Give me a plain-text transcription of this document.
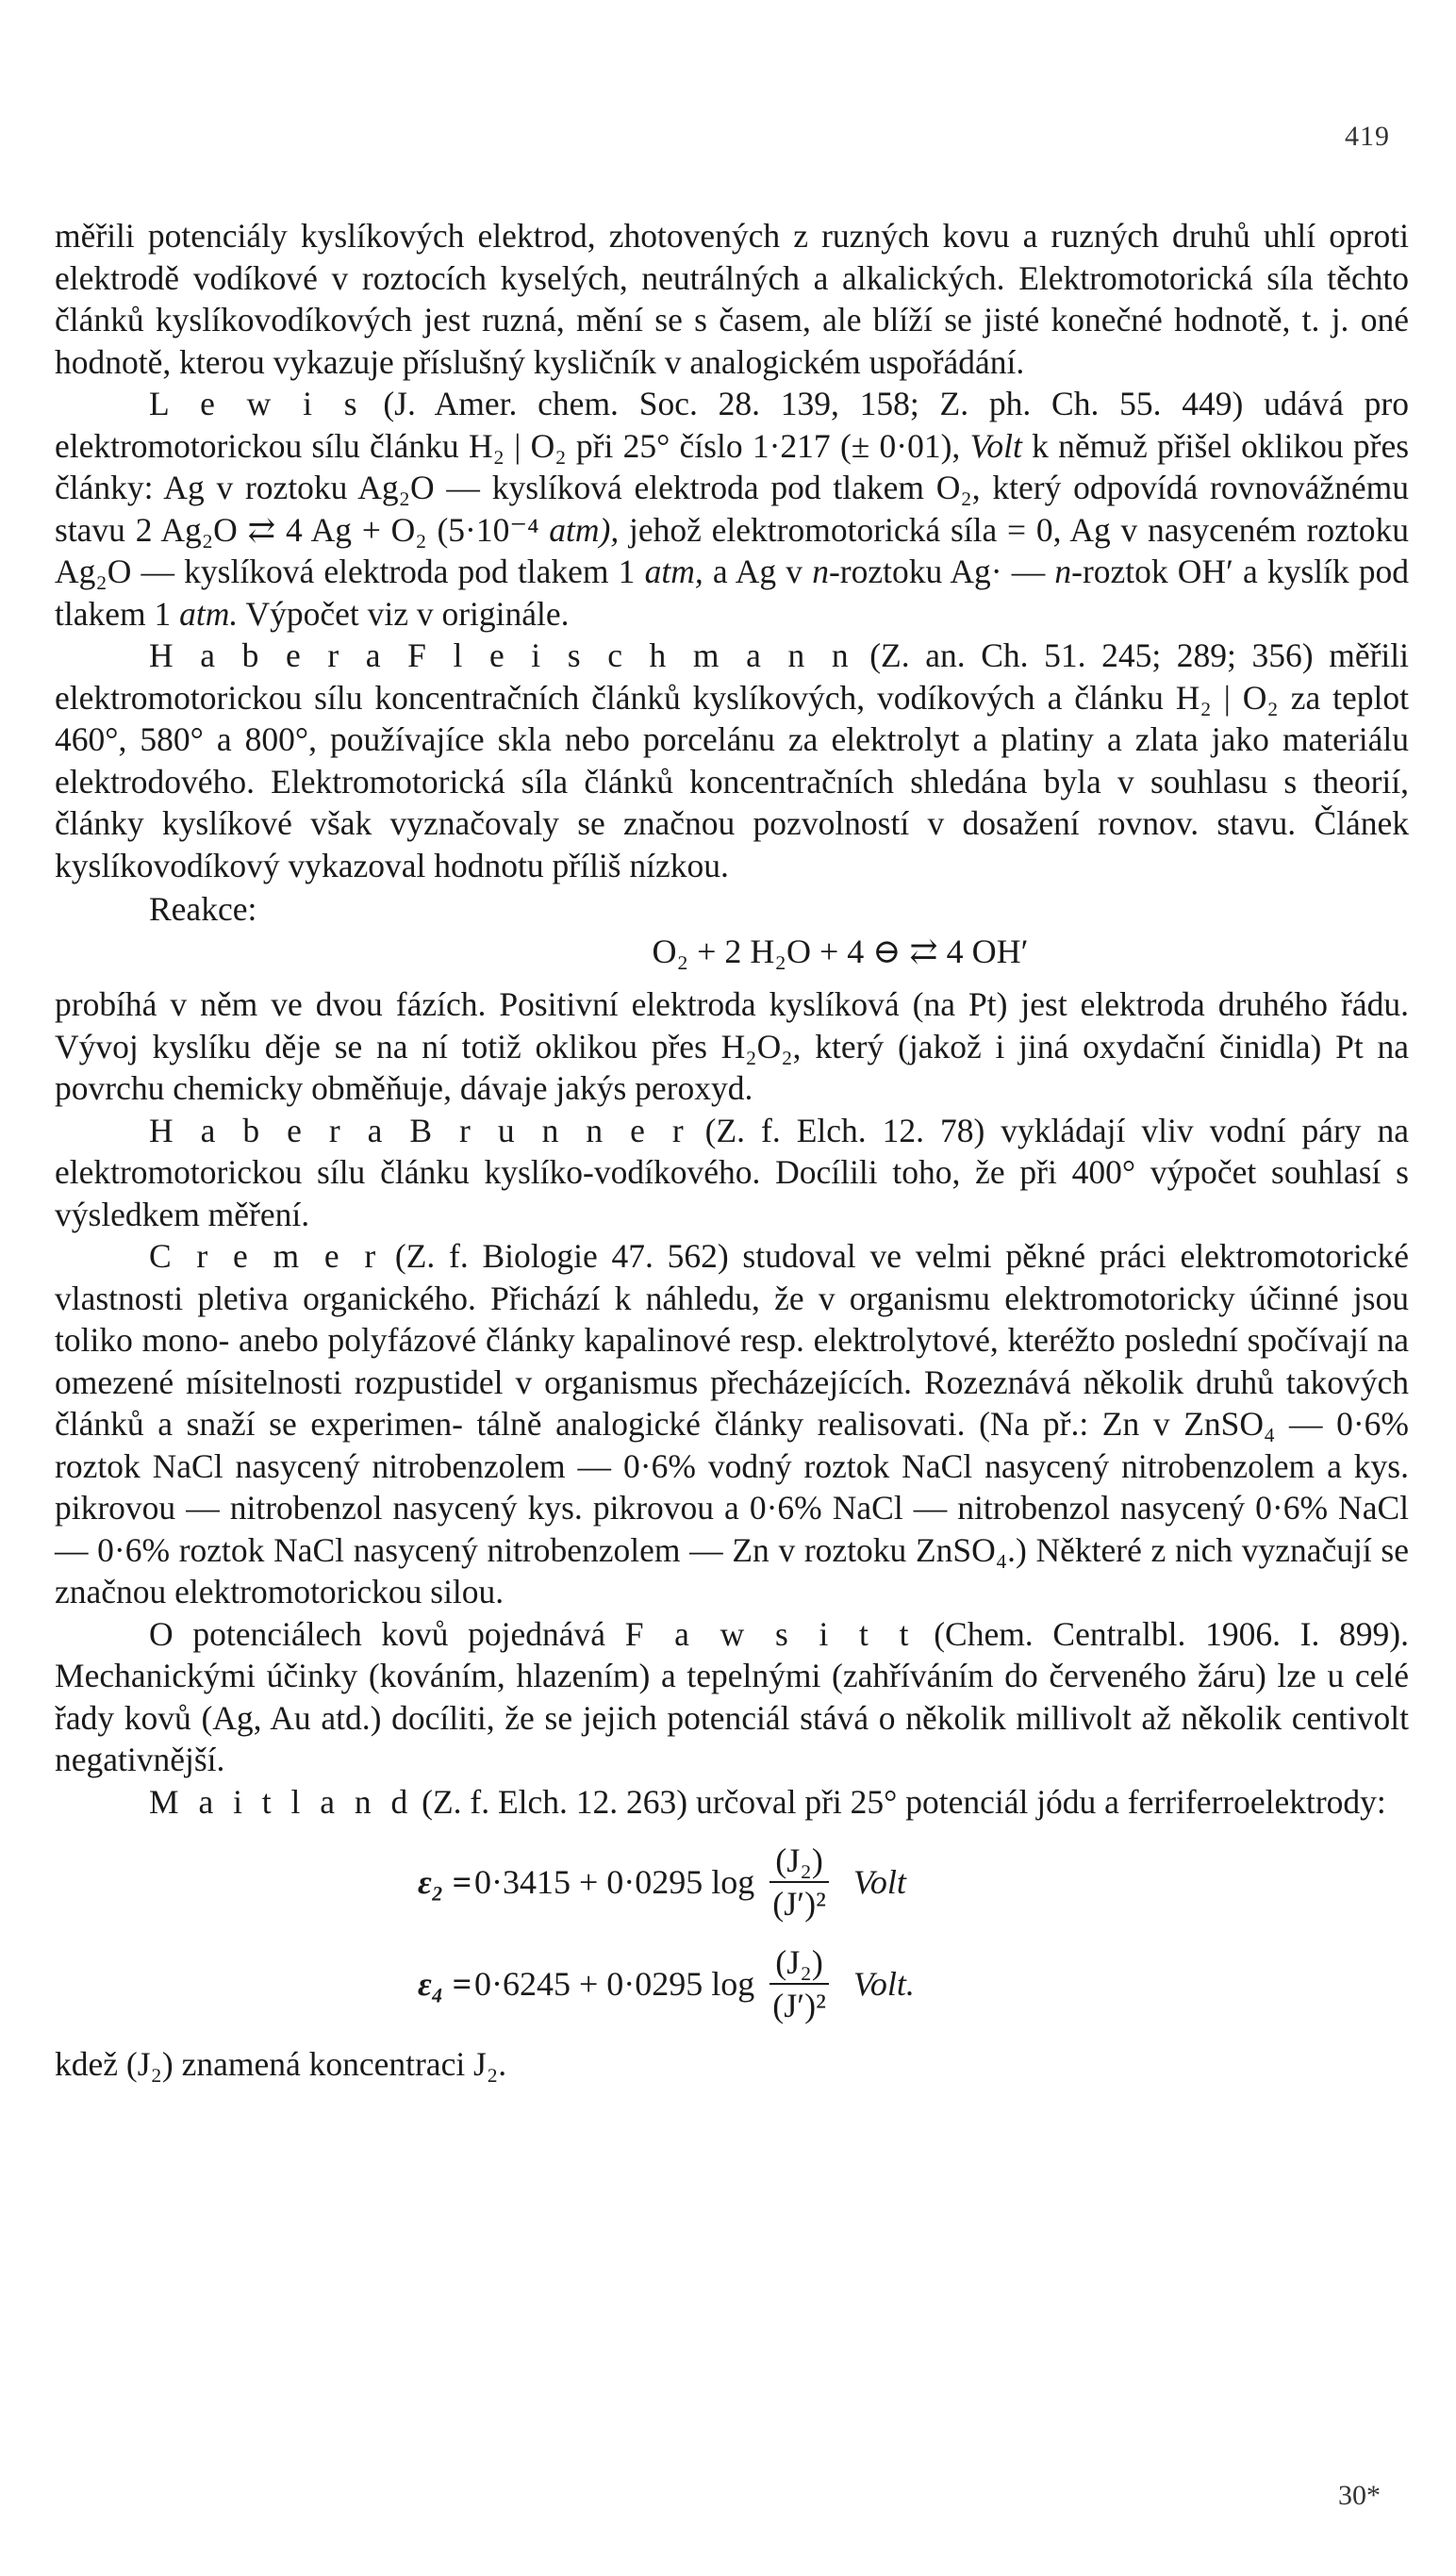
419

měřili potenciály kyslíkových elektrod, zhotovených z ruzných kovu a ruzných druhů uhlí oproti elektrodě vodíkové v roztocích kyselých, neutrálných a alkalických. Elektromotorická síla těchto článků kyslíkovodíkových jest ruzná, mění se s časem, ale blíží se jisté konečné hodnotě, t. j. oné hodnotě, kterou vykazuje příslušný kysličník v analogickém uspořádání.

L e w i s (J. Amer. chem. Soc. 28. 139, 158; Z. ph. Ch. 55. 449) udává pro elektromotorickou sílu článku H₂ | O₂ při 25° číslo 1·217 (± 0·01), Volt k němuž přišel oklikou přes články: Ag v roztoku Ag₂O — kyslíková elektroda pod tlakem O₂, který odpovídá rovnovážnému stavu 2 Ag₂O ⇄ 4 Ag + O₂ (5·10⁻⁴ atm), jehož elektromotorická síla = 0, Ag v nasyceném roztoku Ag₂O — kyslíková elektroda pod tlakem 1 atm, a Ag v n-roztoku Ag· — n-roztok OH′ a kyslík pod tlakem 1 atm. Výpočet viz v originále.

H a b e r a F l e i s c h m a n n (Z. an. Ch. 51. 245; 289; 356) měřili elektromotorickou sílu koncentračních článků kyslíkových, vodíkových a článku H₂ | O₂ za teplot 460°, 580° a 800°, používajíce skla nebo porcelánu za elektrolyt a platiny a zlata jako materiálu elektrodového. Elektromotorická síla článků koncentračních shledána byla v souhlasu s theorií, články kyslíkové však vyznačovaly se značnou pozvolností v dosažení rovnov. stavu. Článek kyslíkovodíkový vykazoval hodnotu příliš nízkou.
Reakce:
O₂ + 2 H₂O + 4 ⊖ ⇄ 4 OH′

probíhá v něm ve dvou fázích. Positivní elektroda kyslíková (na Pt) jest elektroda druhého řádu. Vývoj kyslíku děje se na ní totiž oklikou přes H₂O₂, který (jakož i jiná oxydační činidla) Pt na povrchu chemicky obměňuje, dávaje jakýs peroxyd.

H a b e r a B r u n n e r (Z. f. Elch. 12. 78) vykládají vliv vodní páry na elektromotorickou sílu článku kyslíko-vodíkového. Docílili toho, že při 400° výpočet souhlasí s výsledkem měření.

C r e m e r (Z. f. Biologie 47. 562) studoval ve velmi pěkné práci elektromotorické vlastnosti pletiva organického. Přichází k náhledu, že v organismu elektromotoricky účinné jsou toliko mono- anebo polyfázové články kapalinové resp. elektrolytové, kteréžto poslední spočívají na omezené mísitelnosti rozpustidel v organismus přecházejících. Rozeznává několik druhů takových článků a snaží se experimen- tálně analogické články realisovati. (Na př.: Zn v ZnSO₄ — 0·6% roztok NaCl nasycený nitrobenzolem — 0·6% vodný roztok NaCl nasycený nitrobenzolem a kys. pikrovou — nitrobenzol nasycený kys. pikrovou a 0·6% NaCl — nitrobenzol nasycený 0·6% NaCl — 0·6% roztok NaCl nasycený nitrobenzolem — Zn v roztoku ZnSO₄.) Některé z nich vyznačují se značnou elektromotorickou silou.

O potenciálech kovů pojednává F a w s i t t (Chem. Centralbl. 1906. I. 899). Mechanickými účinky (kováním, hlazením) a tepelnými (zahříváním do červeného žáru) lze u celé řady kovů (Ag, Au atd.) docíliti, že se jejich potenciál stává o několik millivolt až několik centivolt negativnější.

M a i t l a n d (Z. f. Elch. 12. 263) určoval při 25° potenciál jódu a ferriferroelektrody:

ε₂ = 0·3415 + 0·0295 $\log \frac{\text{(J₂)}}{\text{(J′)²}}$ Volt
ε₄ = 0·6245 + 0·0295 $\log \frac{\text{(J₂)}}{\text{(J′)²}}$ Volt.

kdež (J₂) znamená koncentraci J₂.

30*
